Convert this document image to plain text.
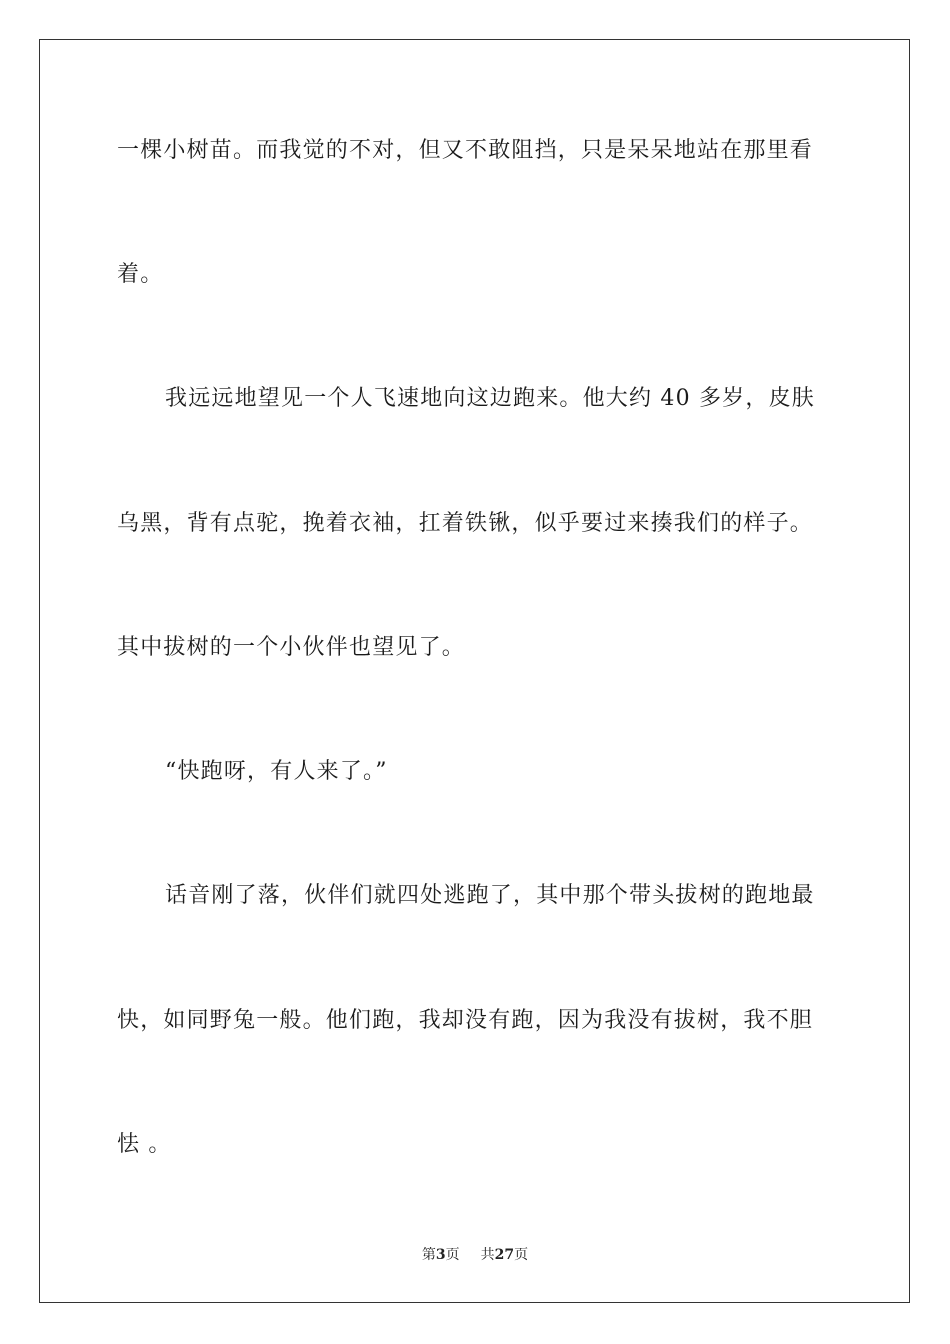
一棵小树苗。而我觉的不对，但又不敢阻挡，只是呆呆地站在那里看
着。
我远远地望见一个人飞速地向这边跑来。他大约 40 多岁，皮肤
乌黑，背有点驼，挽着衣袖，扛着铁锹，似乎要过来揍我们的样子。
其中拔树的一个小伙伴也望见了。
“快跑呀，有人来了。”
话音刚了落，伙伴们就四处逃跑了，其中那个带头拔树的跑地最
快，如同野兔一般。他们跑，我却没有跑，因为我没有拔树，我不胆
怯 。
第3页 共27页
